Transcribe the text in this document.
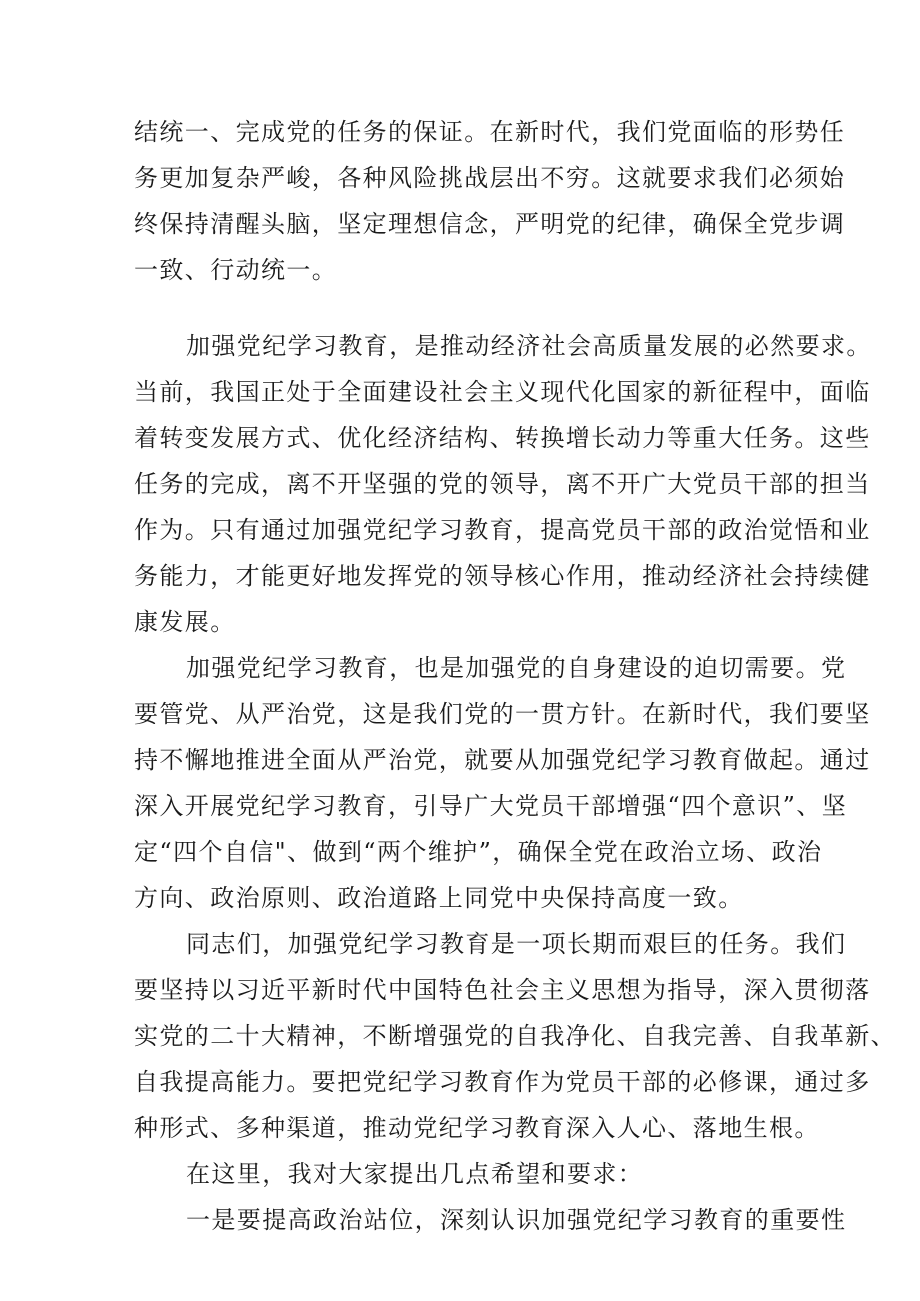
结统一、完成党的任务的保证。在新时代，我们党面临的形势任
务更加复杂严峻，各种风险挑战层出不穷。这就要求我们必须始
终保持清醒头脑，坚定理想信念，严明党的纪律，确保全党步调
一致、行动统一。
加强党纪学习教育，是推动经济社会高质量发展的必然要求。
当前，我国正处于全面建设社会主义现代化国家的新征程中，面临
着转变发展方式、优化经济结构、转换增长动力等重大任务。这些
任务的完成，离不开坚强的党的领导，离不开广大党员干部的担当
作为。只有通过加强党纪学习教育，提高党员干部的政治觉悟和业
务能力，才能更好地发挥党的领导核心作用，推动经济社会持续健
康发展。
加强党纪学习教育，也是加强党的自身建设的迫切需要。党
要管党、从严治党，这是我们党的一贯方针。在新时代，我们要坚
持不懈地推进全面从严治党，就要从加强党纪学习教育做起。通过
深入开展党纪学习教育，引导广大党员干部增强“四个意识”、坚
定“四个自信"、做到“两个维护”，确保全党在政治立场、政治
方向、政治原则、政治道路上同党中央保持高度一致。
同志们，加强党纪学习教育是一项长期而艰巨的任务。我们
要坚持以习近平新时代中国特色社会主义思想为指导，深入贯彻落
实党的二十大精神，不断增强党的自我净化、自我完善、自我革新、
自我提高能力。要把党纪学习教育作为党员干部的必修课，通过多
种形式、多种渠道，推动党纪学习教育深入人心、落地生根。
在这里，我对大家提出几点希望和要求：
一是要提高政治站位，深刻认识加强党纪学习教育的重要性
